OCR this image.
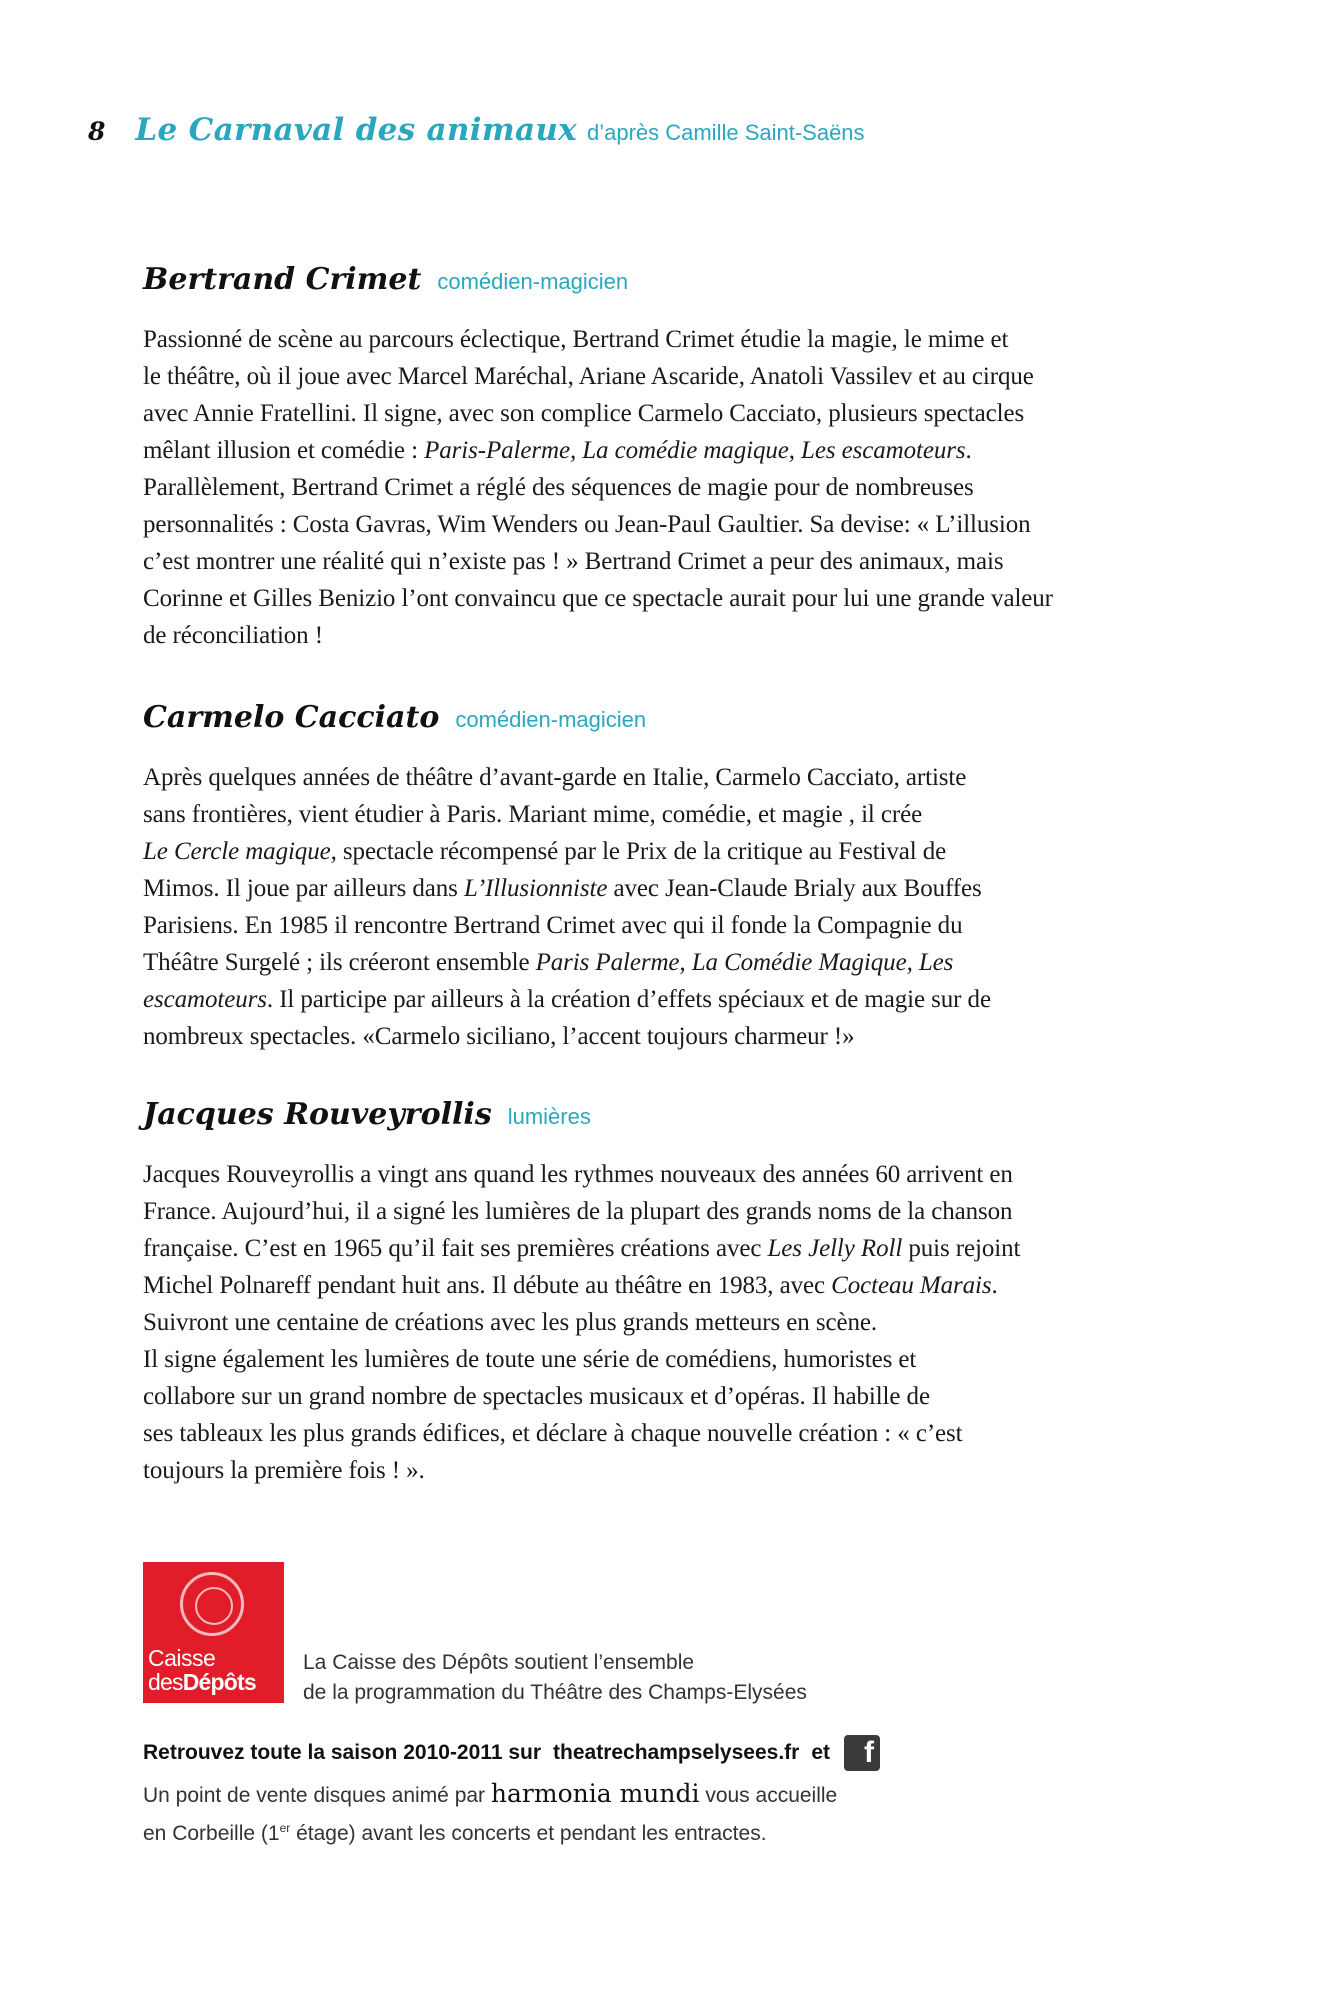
8 Le Carnaval des animaux d’après Camille Saint-Saëns
Bertrand Crimet comédien-magicien

Passionné de scène au parcours éclectique, Bertrand Crimet étudie la magie, le mime et

le théâtre, où il joue avec Marcel Maréchal, Ariane Ascaride, Anatoli Vassilev et au cirque

avec Annie Fratellini. Il signe, avec son complice Carmelo Cacciato, plusieurs spectacles

mêlant illusion et comédie : Paris-Palerme, La comédie magique, Les escamoteurs.

Parallèlement, Bertrand Crimet a réglé des séquences de magie pour de nombreuses

personnalités : Costa Gavras, Wim Wenders ou Jean-Paul Gaultier. Sa devise: « L’illusion

c’est montrer une réalité qui n’existe pas ! » Bertrand Crimet a peur des animaux, mais

Corinne et Gilles Benizio l’ont convaincu que ce spectacle aurait pour lui une grande valeur

de réconciliation !

Carmelo Cacciato comédien-magicien

Après quelques années de théâtre d’avant-garde en Italie, Carmelo Cacciato, artiste

sans frontières, vient étudier à Paris. Mariant mime, comédie, et magie , il crée

Le Cercle magique, spectacle récompensé par le Prix de la critique au Festival de

Mimos. Il joue par ailleurs dans L’Illusionniste avec Jean-Claude Brialy aux Bouffes

Parisiens. En 1985 il rencontre Bertrand Crimet avec qui il fonde la Compagnie du

Théâtre Surgelé ; ils créeront ensemble Paris Palerme, La Comédie Magique, Les

escamoteurs. Il participe par ailleurs à la création d’effets spéciaux et de magie sur de

nombreux spectacles. «Carmelo siciliano, l’accent toujours charmeur !»

Jacques Rouveyrollis lumières

Jacques Rouveyrollis a vingt ans quand les rythmes nouveaux des années 60 arrivent en

France. Aujourd’hui, il a signé les lumières de la plupart des grands noms de la chanson

française. C’est en 1965 qu’il fait ses premières créations avec Les Jelly Roll puis rejoint

Michel Polnareff pendant huit ans. Il débute au théâtre en 1983, avec Cocteau Marais.

Suivront une centaine de créations avec les plus grands metteurs en scène.

Il signe également les lumières de toute une série de comédiens, humoristes et

collabore sur un grand nombre de spectacles musicaux et d’opéras. Il habille de

ses tableaux les plus grands édifices, et déclare à chaque nouvelle création : « c’est

toujours la première fois ! ».

Caisse
desDépôts
La Caisse des Dépôts soutient l’ensemble
de la programmation du Théâtre des Champs-Elysées
Retrouvez toute la saison 2010-2011 sur theatrechampselysees.fr et	f
Un point de vente disques animé par harmonia mundi vous accueille
en Corbeille (1er étage) avant les concerts et pendant les entractes.
